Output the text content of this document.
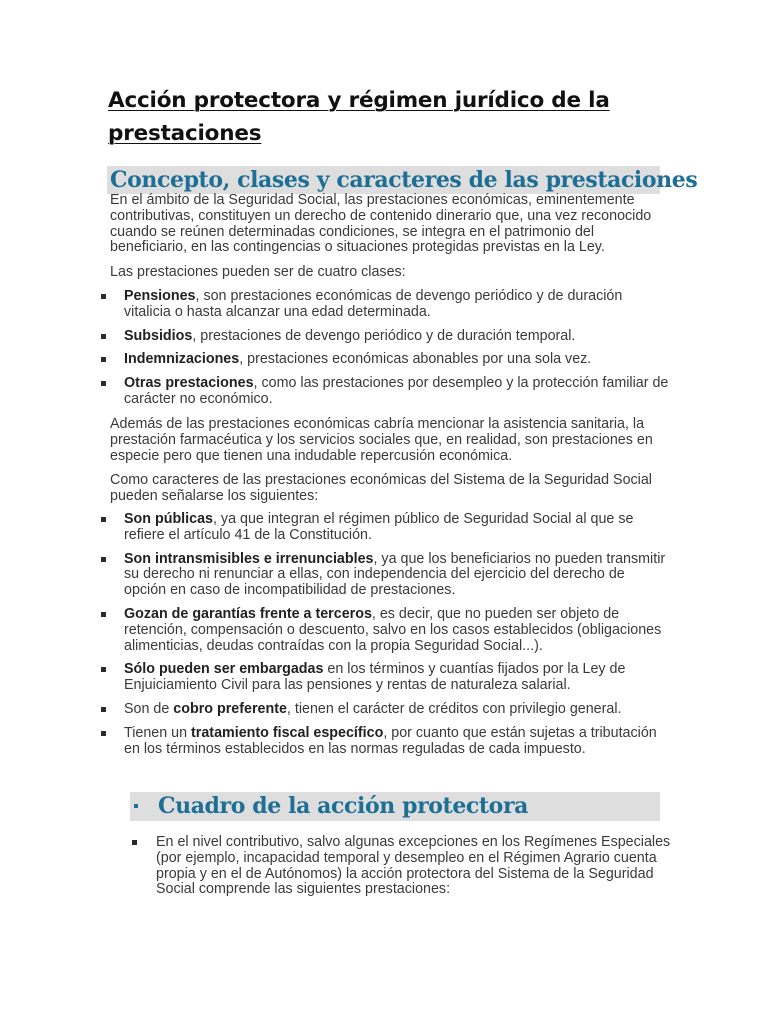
Acción protectora y régimen jurídico de la prestaciones
Concepto, clases y caracteres de las prestaciones

En el ámbito de la Seguridad Social, las prestaciones económicas, eminentemente contributivas, constituyen un derecho de contenido dinerario que, una vez reconocido cuando se reúnen determinadas condiciones, se integra en el patrimonio del beneficiario, en las contingencias o situaciones protegidas previstas en la Ley.

Las prestaciones pueden ser de cuatro clases:

Pensiones, son prestaciones económicas de devengo periódico y de duración vitalicia o hasta alcanzar una edad determinada.
Subsidios, prestaciones de devengo periódico y de duración temporal.
Indemnizaciones, prestaciones económicas abonables por una sola vez.
Otras prestaciones, como las prestaciones por desempleo y la protección familiar de carácter no económico.

Además de las prestaciones económicas cabría mencionar la asistencia sanitaria, la prestación farmacéutica y los servicios sociales que, en realidad, son prestaciones en especie pero que tienen una indudable repercusión económica.

Como caracteres de las prestaciones económicas del Sistema de la Seguridad Social pueden señalarse los siguientes:

Son públicas, ya que integran el régimen público de Seguridad Social al que se refiere el artículo 41 de la Constitución.
Son intransmisibles e irrenunciables, ya que los beneficiarios no pueden transmitir su derecho ni renunciar a ellas, con independencia del ejercicio del derecho de opción en caso de incompatibilidad de prestaciones.
Gozan de garantías frente a terceros, es decir, que no pueden ser objeto de retención, compensación o descuento, salvo en los casos establecidos (obligaciones alimenticias, deudas contraídas con la propia Seguridad Social...).
Sólo pueden ser embargadas en los términos y cuantías fijados por la Ley de Enjuiciamiento Civil para las pensiones y rentas de naturaleza salarial.
Son de cobro preferente, tienen el carácter de créditos con privilegio general.
Tienen un tratamiento fiscal específico, por cuanto que están sujetas a tributación en los términos establecidos en las normas reguladas de cada impuesto.
Cuadro de la acción protectora
En el nivel contributivo, salvo algunas excepciones en los Regímenes Especiales (por ejemplo, incapacidad temporal y desempleo en el Régimen Agrario cuenta propia y en el de Autónomos) la acción protectora del Sistema de la Seguridad Social comprende las siguientes prestaciones:
